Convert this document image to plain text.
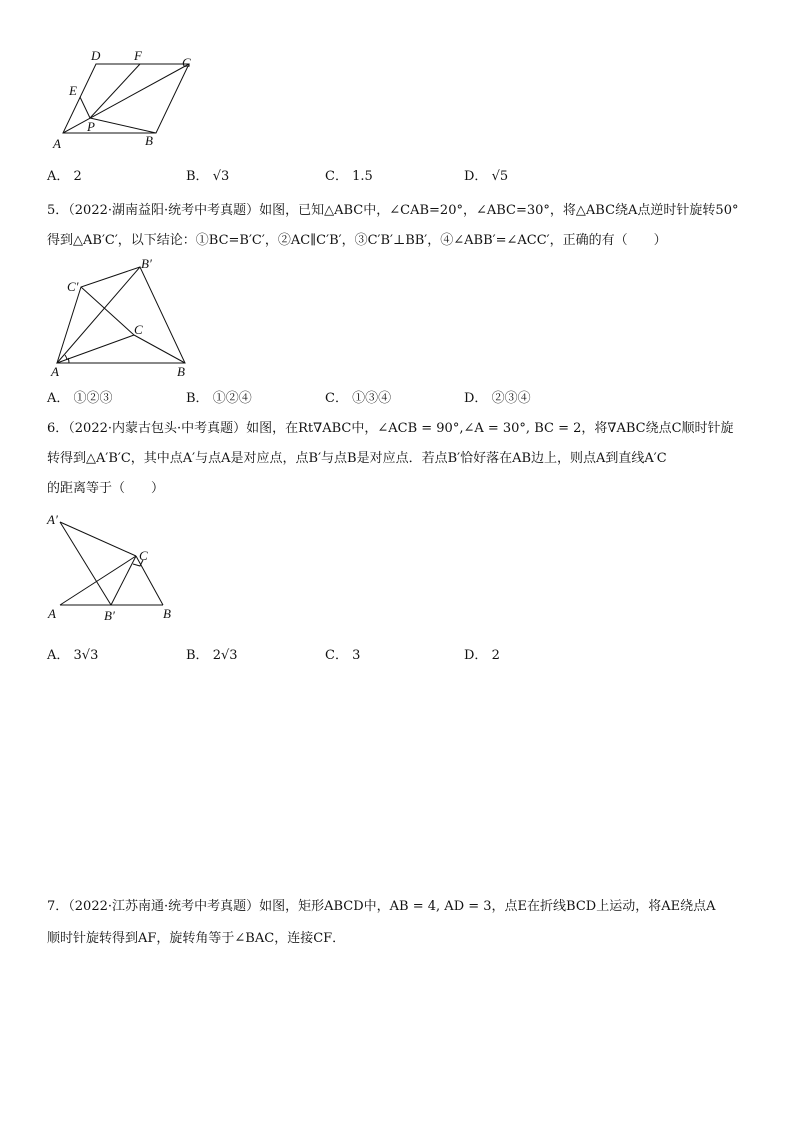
D	F	C
E
P
A	B
A． 2	B． √3	C． 1.5	D． √5
5．（2022·湖南益阳·统考中考真题）如图，已知△ABC中，∠CAB=20°，∠ABC=30°，将△ABC绕A点逆时针旋转50°
得到△AB′C′，以下结论：①BC=B′C′，②AC∥C′B′，③C′B′⊥BB′，④∠ABB′=∠ACC′，正确的有（　　）
B′
C′
C
A	B
A． ①②③	B． ①②④	C． ①③④	D． ②③④
6．（2022·内蒙古包头·中考真题）如图，在Rt∇ABC中，∠ACB = 90°,∠A = 30°, BC = 2，将∇ABC绕点C顺时针旋
转得到△A′B′C，其中点A′与点A是对应点，点B′与点B是对应点．若点B′恰好落在AB边上，则点A到直线A′C
的距离等于（　　）
A′
C
A	B′	B
A． 3√3	B． 2√3	C． 3	D． 2
7．（2022·江苏南通·统考中考真题）如图，矩形ABCD中，AB = 4, AD = 3，点E在折线BCD上运动，将AE绕点A
顺时针旋转得到AF，旋转角等于∠BAC，连接CF．
